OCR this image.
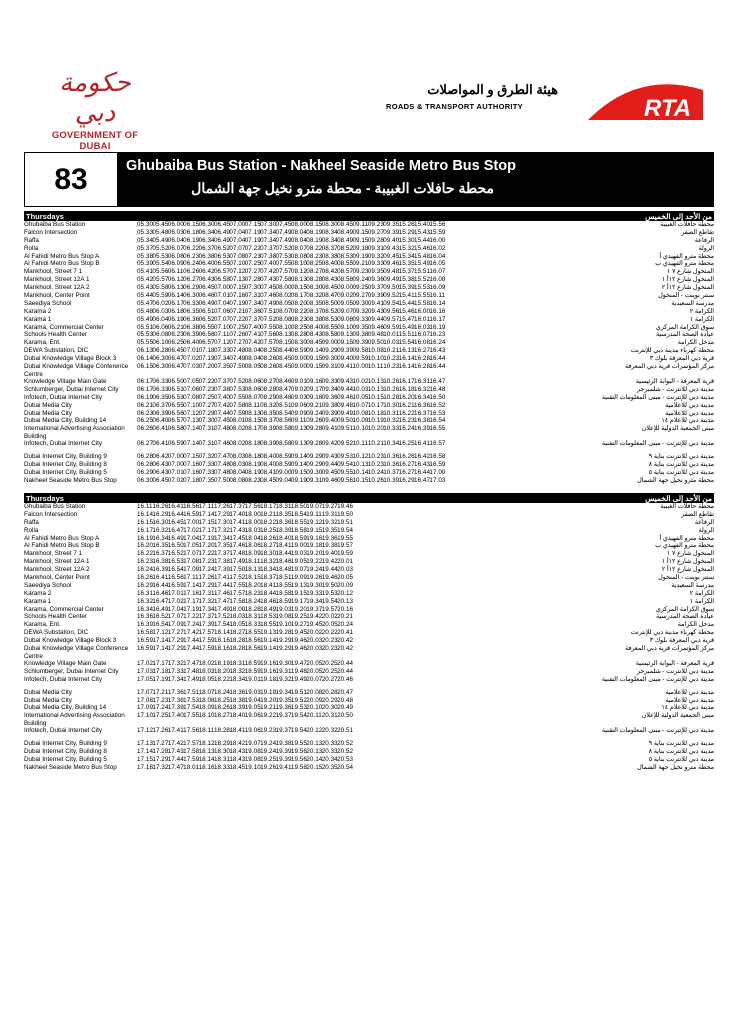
حكومة دبي
GOVERNMENT OF DUBAI
هيئة الطرق و المواصلات
ROADS & TRANSPORT AUTHORITY	RTA
83	Ghubaiba Bus Station - Nakheel Seaside Metro Bus Stop
محطة حافلات الغبيبة - محطة مترو نخيل جهة الشمال
Thursdays	من الأحد إلى الخميس
Ghubaiba Bus Station	05.3005.4506.0006.1506.3006.4507.0007.1507.3007.4508.0008.1508.3008.4509.1109.2309.3515.2615.4015.56	محطة حافلات الغبيبة
Falcon Intersection	05.3305.4806.0306.1806.3406.4907.0407.1907.3407.4908.0408.1908.3408.4909.1509.2709.3915.2915.4315.59	تقاطع الصقر
Raffa	05.3405.4906.0406.1906.3406.4907.0407.1907.3407.4908.0408.1908.3408.4909.1509.2809.4015.3015.4416.00	الرفاعة
Rolla	05.3705.5206.0706.2206.3706.5207.0707.2207.3707.5208.0708.2208.3708.5209.1809.3109.4315.3215.4616.02	الرولة
Al Fahidi Metro Bus Stop A	05.3805.5306.0806.2306.3806.5307.0807.2307.3807.5308.0808.2308.3808.5309.1909.3209.4515.3415.4816.04	محطة مترو الفهيدي أ
Al Fahidi Metro Bus Stop B	05.3905.5406.0906.2406.4006.5507.1007.2507.4007.5508.1008.2508.4008.5509.2109.3309.4615.3515.4916.05	محطة مترو الفهيدي ب
Mankhool, Street 7 1	05.4105.5606.1106.2606.4206.5707.1207.2707.4207.5708.1208.2708.4208.5709.2309.3509.4815.3715.5116.07	المنخول شارع ٧ ١
Mankhool, Street 12A 1	05.4205.5706.1206.2706.4306.5807.1307.2807.4307.5808.1308.2808.4308.5809.2409.3609.4915.3815.5216.08	المنخول شارع ١٢أ ١
Mankhool, Street 12A 2	05.4305.5806.1306.2906.4507.0007.1507.3007.4508.0008.1508.3008.4509.0009.2509.3709.5015.3915.5316.09	المنخول شارع ١٢أ ٢
Mankhool, Center Point	05.4405.5906.1406.3006.4607.0107.1607.3107.4608.0208.1708.3208.4709.0209.2709.3909.5215.4115.5516.11	سنتر بوينت - المنخول
Saeediya School	05.4706.0206.1706.3306.4907.0407.1907.3407.4908.0508.2008.3508.5009.0509.3009.4109.5415.4415.5816.14	مدرسة السعيدية
Karama 2	05.4806.0306.1806.3506.5107.0607.2107.3607.5108.0708.2208.3708.5209.0709.3209.4309.5615.4616.0016.16	الكرامة ٢
Karama 1	05.4906.0406.1906.3606.5207.0707.2207.3707.5208.0808.2308.3808.5309.0809.3309.4409.5715.4716.0116.17	الكرامة ١
Karama, Commercial Center	05.5106.0606.2106.3806.5507.1007.2507.4007.5508.1008.2508.4008.5509.1009.3509.4609.5915.4916.0316.19	سوق الكرامة المركزي
Schools Health Center	05.5306.0806.2306.3906.5607.1107.2607.4107.5608.1308.2808.4308.5809.1309.3809.4810.0115.5116.0716.23	عيادة الصحة المدرسية
Karama, Ent.	05.5506.1006.2506.4006.5707.1207.2707.4207.5708.1508.3008.4509.0009.1509.3909.5010.0315.5416.0816.24	مدخل الكرامة
DEWA Substation, DIC	06.1306.2806.4507.0107.1807.3307.4808.0408.2508.4408.5909.1409.2909.3909.5810.0810.2116.1316.2716.43	محطة كهرباء مدينة دبي للإنترنت
Dubai Knowledge Village Block 3	06.1406.3006.4707.0207.1907.3407.4908.0408.2608.4509.0009.1509.3009.4009.5910.1010.2316.1416.2816.44	قرية دبي المعرفة بلوك ٣
Dubai Knowledge Village Conference Centre
06.1506.3006.4707.0307.2007.3507.5008.0508.2608.4509.0009.1509.3109.4110.0010.1110.2316.1416.2816.44	مركز المؤتمرات قرية دبي المعرفة
Knowledge Village Main Gate	06.1706.3306.5007.0507.2207.3707.5208.0608.2708.4609.0109.1609.3309.4310.0210.1310.2616.1716.3116.47	قرية المعرفة - البوابة الرئيسية
Schlumberger, Dubai Internet City	06.1706.3306.5107.0607.2307.3807.5308.0608.2808.4709.0209.1709.3409.4410.0310.1310.2616.1816.3216.48	مدينة دبي للانترنت - شلمبرجر
Infotech, Dubai Internet City	06.1906.3506.5307.0807.2507.4007.5508.0708.2908.4809.0309.1809.3609.4610.0510.1510.2816.2016.3416.50	مدينة دبي للإنترنت - مبنى المعلومات التقنية
Dubai Media City	06.2106.3706.5507.1007.2707.4207.5808.1108.3208.5109.0609.2109.3809.4810.0710.1710.3016.2116.3616.52	مدينة دبي للاعلامية
Dubai Media City	06.2306.3906.5607.1207.2907.4407.5908.1308.3508.5409.0909.2409.3909.4910.0810.1810.3116.2216.3716.53	مدينة دبي للاعلامية
Dubai Media City, Building 14	06.2506.4006.5707.1307.3007.4508.0108.1508.3708.5609.1109.2609.4009.5010.0910.1910.3216.2316.3816.54	مدينة دبي للاعلام ١٤
International Advertising Association Building
06.2606.4106.5807.1407.3107.4608.0208.1708.3908.5809.1309.2809.4109.5110.1010.2010.3316.2416.3916.55	مبنى الجمعية الدولية للإعلان
Infotech, Dubai Internet City	06.2706.4106.5907.1407.3107.4608.0208.1808.3908.5809.1309.2809.4209.5210.1110.2110.3416.2516.4116.57	مدينة دبي للإنترنت - مبنى المعلومات التقنية
Dubai Internet City, Building 9	06.2806.4207.0007.1507.3207.4708.0308.1808.4008.5909.1409.2909.4309.5310.1210.2310.3616.2616.4216.58	مدينة دبي للانترنت بناية ٩
Dubai Internet City, Building 8	06.2806.4307.0007.1607.3307.4808.0308.1908.4008.5909.1409.2909.4409.5410.1310.2310.3616.2716.4316.59	مدينة دبي للانترنت بناية ٨
Dubai Internet City, Building 5	06.2906.4307.0107.1607.3307.4808.0408.1908.4109.0009.1509.3009.4509.5510.1410.2410.3716.2716.4417.00	مدينة دبي للانترنت بناية ٥
Nakheel Seaside Metro Bus Stop	06.3006.4507.0207.1807.3507.5008.0808.2308.4509.0409.1909.3109.4609.5610.1510.2610.3916.2916.4717.03	محطة مترو نخيل جهة الشمال
Thursdays	من الأحد إلى الخميس
Ghubaiba Bus Station	16.1116.2616.4116.5617.1117.2617.3717.5618.1718.3118.5019.0719.2719.46	محطة حافلات الغبيبة
Falcon Intersection	16.1416.2916.4416.5917.1417.2917.4018.0018.2118.3518.5419.1119.3119.50	تقاطع الصقر
Raffa	16.1516.3016.4517.0017.1517.3017.4118.0018.2218.3618.5519.1219.3219.51	الرفاعة
Rolla	16.1716.3216.4717.0217.1717.3217.4318.0318.2518.3918.5819.1519.3519.54	الرولة
Al Fahidi Metro Bus Stop A	16.1916.3416.4917.0417.1917.3417.4518.0418.2618.4018.5919.1619.3619.55	محطة مترو الفهيدي أ
Al Fahidi Metro Bus Stop B	16.2016.3516.5017.0517.2017.3517.4618.0618.2718.4119.0019.1819.3819.57	محطة مترو الفهيدي ب
Mankhool, Street 7 1	16.2216.3716.5217.0717.2217.3717.4818.0918.3018.4419.0319.2019.4019.59	المنخول شارع ٧ ١
Mankhool, Street 12A 1	16.2316.3816.5317.0817.2317.3817.4918.1118.3218.4619.0519.2219.4220.01	المنخول شارع ١٢أ ١
Mankhool, Street 12A 2	16.2416.3916.5417.0917.2417.3917.5018.1318.3418.4819.0719.2419.4420.03	المنخول شارع ١٢أ ٢
Mankhool, Center Point	16.2616.4116.5617.1117.2617.4117.5218.1518.3718.5119.0919.2619.4620.05	سنتر بوينت - المنخول
Saeediya School	16.2916.4416.5917.1417.2917.4417.5518.2018.4118.5519.1319.3019.5020.09	مدرسة السعيدية
Karama 2	16.3116.4617.0117.1617.3117.4617.5718.2318.4418.5819.1519.3319.5320.12	الكرامة ٢
Karama 1	16.3216.4717.0217.1717.3217.4717.5818.2418.4618.5919.1719.3419.5420.13	الكرامة ١
Karama, Commercial Center	16.3416.4917.0417.1917.3417.4918.0018.2818.4919.0319.2019.3719.5720.16	سوق الكرامة المركزي
Schools Health Center	16.3616.5217.0717.2217.3717.5218.0318.3118.5319.0819.2519.4220.0220.21	عيادة الصحة المدرسية
Karama, Ent.	16.3916.5417.0917.2417.3917.5418.0518.3318.5519.1019.2719.4520.0520.24	مدخل الكرامة
DEWA Substation, DIC	16.5817.1217.2717.4217.5718.1418.2718.5519.1319.2819.4520.0220.2220.41	محطة كهرباء مدينة دبي للإنترنت
Dubai Knowledge Village Block 3	16.5917.1417.2917.4417.5918.1618.2818.5619.1419.2919.4620.0320.2320.42	قرية دبي المعرفة بلوك ٣
Dubai Knowledge Village Conference Centre
16.5917.1417.2917.4417.5918.1618.2818.5619.1419.2919.4620.0320.2320.42	مركز المؤتمرات قرية دبي المعرفة
Knowledge Village Main Gate	17.0217.1717.3217.4718.0218.1918.3118.5919.1619.3019.4720.0520.2520.44	قرية المعرفة - البوابة الرئيسية
Schlumberger, Dubai Internet City	17.0317.1817.3317.4818.0318.2018.3218.5919.1619.3119.4820.0520.2520.44	مدينة دبي للانترنت - شلمبرجر
Infotech, Dubai Internet City	17.0517.1917.3417.4918.0518.2218.3419.0119.1819.3219.4920.0720.2720.46	مدينة دبي للإنترنت - مبنى المعلومات التقنية
Dubai Media City	17.0717.2117.3617.5118.0718.2418.3619.0319.1919.3419.5120.0820.2820.47	مدينة دبي للاعلامية
Dubai Media City	17.0817.2317.3817.5318.0818.2518.3819.0419.2019.3519.5220.0920.2920.48	مدينة دبي للاعلامية
Dubai Media City, Building 14	17.0917.2417.3917.5418.0918.2618.3919.0519.2119.3619.5320.1020.3020.49	مدينة دبي للاعلام ١٤
International Advertising Association Building
17.1017.2517.4017.5518.1018.2718.4019.0619.2219.3719.5420.1120.3120.50	مبنى الجمعية الدولية للإعلان
Infotech, Dubai Internet City	17.1217.2617.4117.5618.1118.2818.4119.0619.2319.3719.5420.1220.3220.51	مدينة دبي للإنترنت - مبنى المعلومات التقنية
Dubai Internet City, Building 9	17.1317.2717.4217.5718.1218.2918.4219.0719.2419.3819.5520.1320.3320.52	مدينة دبي للانترنت بناية ٩
Dubai Internet City, Building 8	17.1417.2817.4317.5818.1318.3018.4319.0819.2419.3919.5620.1320.3320.52	مدينة دبي للانترنت بناية ٨
Dubai Internet City, Building 5	17.1517.2917.4417.5918.1418.3118.4319.0819.2519.3919.5620.1420.3420.53	مدينة دبي للانترنت بناية ٥
Nakheel Seaside Metro Bus Stop	17.1817.3217.4718.0118.1618.3318.4519.1019.2619.4119.5820.1520.3520.54	محطة مترو نخيل جهة الشمال
